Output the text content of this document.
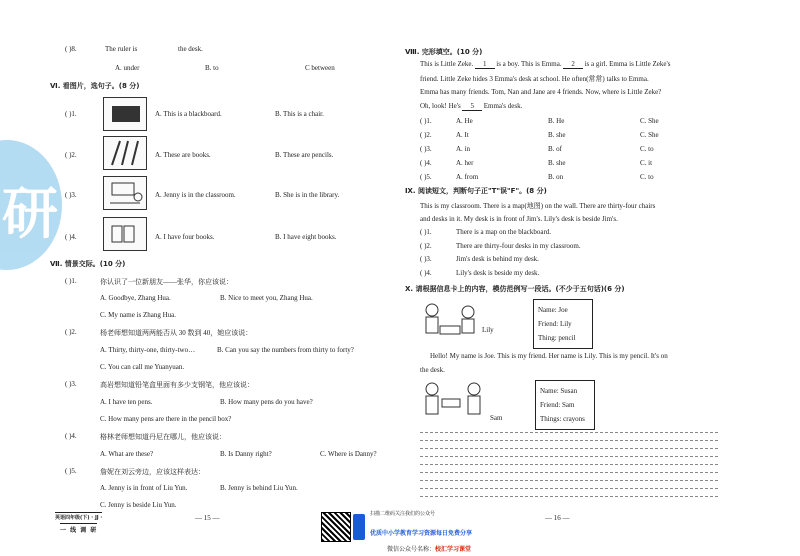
研
( )8.	The ruler is	the desk.
A. under	B. to	C between
Ⅵ. 看图片，选句子。(8 分)
( )1.	A. This is a blackboard.	B. This is a chair.
( )2.	A. These are books.	B. These are pencils.
( )3.	A. Jenny is in the classroom.	B. She is in the library.
( )4.	A. I have four books.	B. I have eight books.
Ⅶ. 情景交际。(10 分)
( )1.	你认识了一位新朋友——张华，你应该说：
A. Goodbye, Zhang Hua.	B. Nice to meet you, Zhang Hua.
C. My name is Zhang Hua.
( )2.	杨老师想知道两两能否从 30 数到 40，她应该说：
A. Thirty, thirty-one, thirty-two…	B. Can you say the numbers from thirty to forty?
C. You can call me Yuanyuan.
( )3.	高岩想知道铅笔盒里面有多少支钢笔，他应该说：
A. I have ten pens.	B. How many pens do you have?
C. How many pens are there in the pencil box?
( )4.	格林老师想知道丹尼在哪儿，他应该说：
A. What are these?	B. Is Danny right?	C. Where is Danny?
( )5.	詹妮在刘云旁边，应该这样表达：
A. Jenny is in front of Liu Yun.	B. Jenny is behind Liu Yun.
C. Jenny is beside Liu Yun.
英语四年级(下) · JJ ·
一 线 调 研
— 15 —
Ⅷ. 完形填空。(10 分)
This is Little Zeke. 1 is a boy. This is Emma. 2 is a girl. Emma is Little Zeke's
friend. Little Zeke hides 3 Emma's desk at school. He often(常常) talks to Emma.
Emma has many friends. Tom, Nan and Jane are 4 friends. Now, where is Little Zeke?
Oh, look! He's 5 Emma's desk.
( )1.	A. He	B. He	C. She
( )2.	A. It	B. she	C. She
( )3.	A. in	B. of	C. to
( )4.	A. her	B. she	C. it
( )5.	A. from	B. on	C. to
Ⅸ. 阅读短文，判断句子正"T"误"F"。(8 分)
This is my classroom. There is a map(地图) on the wall. There are thirty-four chairs
and desks in it. My desk is in front of Jim's. Lily's desk is beside Jim's.
( )1.	There is a map on the blackboard.
( )2.	There are thirty-four desks in my classroom.
( )3.	Jim's desk is behind my desk.
( )4.	Lily's desk is beside my desk.
Ⅹ. 请根据信息卡上的内容，模仿范例写一段话。(不少于五句话)(6 分)
Lily
Name: Joe
Friend: Lily
Thing: pencil
Hello! My name is Joe. This is my friend. Her name is Lily. This is my pencil. It's on
the desk.
Sam
Name: Susan
Friend: Sam
Things: crayons
扫描二维码关注我们的公众号
优质中小学教育学习资源每日免费分享
微信公众号名称：校汇学习课堂
— 16 —
